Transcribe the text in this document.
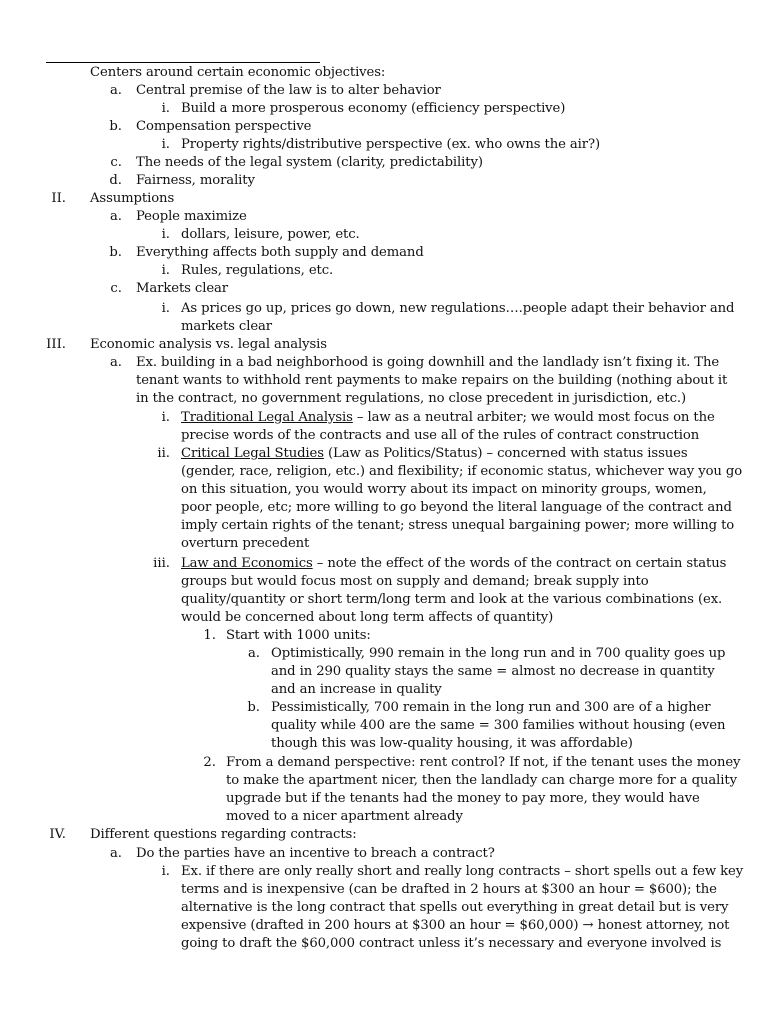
Centers around certain economic objectives:
a. Central premise of the law is to alter behavior
i. Build a more prosperous economy (efficiency perspective)
b. Compensation perspective
i. Property rights/distributive perspective (ex. who owns the air?)
c. The needs of the legal system (clarity, predictability)
d. Fairness, morality
II. Assumptions
a. People maximize
i. dollars, leisure, power, etc.
b. Everything affects both supply and demand
i. Rules, regulations, etc.
c. Markets clear
i. As prices go up, prices go down, new regulations….people adapt their behavior and
markets clear
III. Economic analysis vs. legal analysis
a. Ex. building in a bad neighborhood is going downhill and the landlady isn’t fixing it. The
tenant wants to withhold rent payments to make repairs on the building (nothing about it
in the contract, no government regulations, no close precedent in jurisdiction, etc.)
i. Traditional Legal Analysis – law as a neutral arbiter; we would most focus on the
precise words of the contracts and use all of the rules of contract construction
ii. Critical Legal Studies (Law as Politics/Status) – concerned with status issues
(gender, race, religion, etc.) and flexibility; if economic status, whichever way you go
on this situation, you would worry about its impact on minority groups, women,
poor people, etc; more willing to go beyond the literal language of the contract and
imply certain rights of the tenant; stress unequal bargaining power; more willing to
overturn precedent
iii. Law and Economics – note the effect of the words of the contract on certain status
groups but would focus most on supply and demand; break supply into
quality/quantity or short term/long term and look at the various combinations (ex.
would be concerned about long term affects of quantity)
1. Start with 1000 units:
a. Optimistically, 990 remain in the long run and in 700 quality goes up
and in 290 quality stays the same = almost no decrease in quantity
and an increase in quality
b. Pessimistically, 700 remain in the long run and 300 are of a higher
quality while 400 are the same = 300 families without housing (even
though this was low-quality housing, it was affordable)
2. From a demand perspective: rent control? If not, if the tenant uses the money
to make the apartment nicer, then the landlady can charge more for a quality
upgrade but if the tenants had the money to pay more, they would have
moved to a nicer apartment already
IV. Different questions regarding contracts:
a. Do the parties have an incentive to breach a contract?
i. Ex. if there are only really short and really long contracts – short spells out a few key
terms and is inexpensive (can be drafted in 2 hours at $300 an hour = $600); the
alternative is the long contract that spells out everything in great detail but is very
expensive (drafted in 200 hours at $300 an hour = $60,000) → honest attorney, not
going to draft the $60,000 contract unless it’s necessary and everyone involved is
